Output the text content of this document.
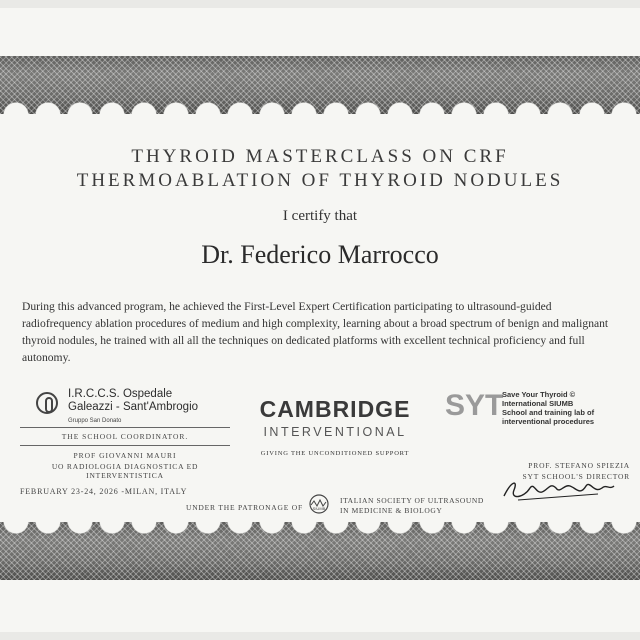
THYROID MASTERCLASS ON CRF
THERMOABLATION OF THYROID NODULES
I certify that
Dr. Federico Marrocco
During this advanced program, he achieved the First-Level Expert Certification participating to ultrasound-guided radiofrequency ablation procedures of medium and high complexity, learning about a broad spectrum of benign and malignant thyroid nodules, he trained with all all the techniques on dedicated platforms with excellent technical proficiency and full autonomy.
I.R.C.C.S. Ospedale
Galeazzi - Sant'Ambrogio
Gruppo San Donato
THE SCHOOL COORDINATOR.
PROF GIOVANNI MAURI
UO RADIOLOGIA DIAGNOSTICA ED INTERVENTISTICA
FEBRUARY 23-24, 2026 -MILAN, ITALY
CAMBRIDGE
INTERVENTIONAL
GIVING THE UNCONDITIONED SUPPORT
SYT
Save Your Thyroid ©
International SIUMB
School and training lab of
interventional procedures
PROF. STEFANO SPIEZIA
SYT SCHOOL'S DIRECTOR
UNDER THE PATRONAGE OF SIUMB
ITALIAN SOCIETY OF ULTRASOUND
IN MEDICINE & BIOLOGY
